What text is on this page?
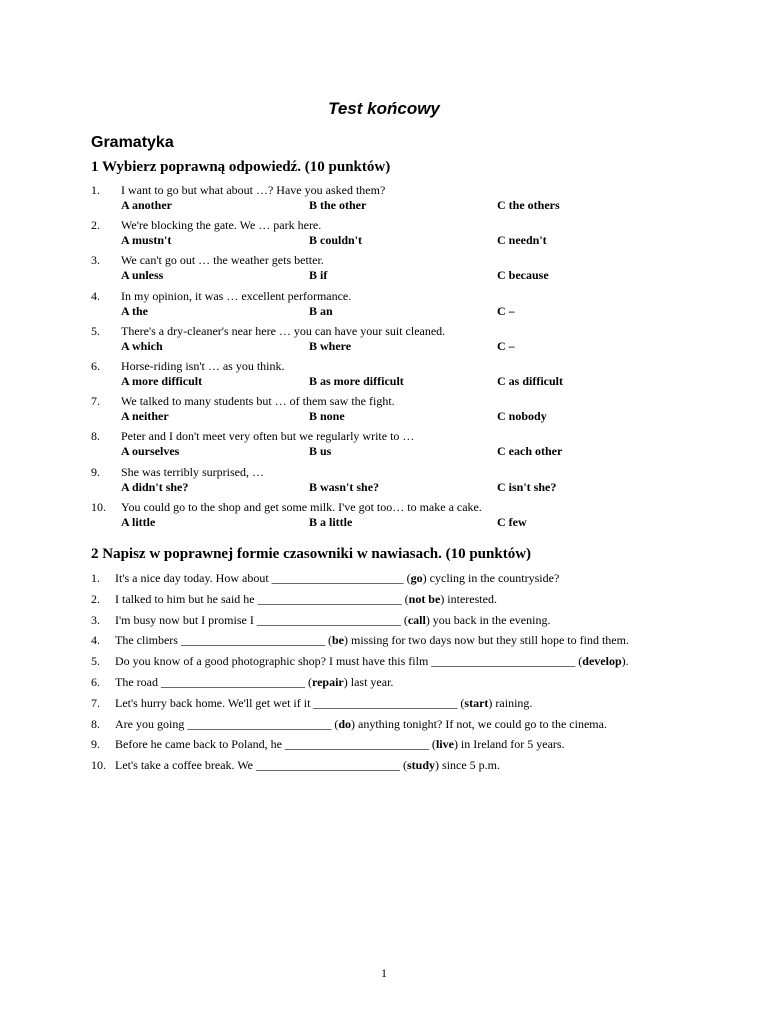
Test końcowy
Gramatyka
1 Wybierz poprawną odpowiedź. (10 punktów)
1.	I want to go but what about …? Have you asked them?
A another	B the other	C the others
2.	We're blocking the gate. We … park here.
A mustn't	B couldn't	C needn't
3.	We can't go out … the weather gets better.
A unless	B if	C because
4.	In my opinion, it was … excellent performance.
A the	B an	C –
5.	There's a dry-cleaner's near here … you can have your suit cleaned.
A which	B where	C –
6.	Horse-riding isn't … as you think.
A more difficult	B as more difficult	C as difficult
7.	We talked to many students but … of them saw the fight.
A neither	B none	C nobody
8.	Peter and I don't meet very often but we regularly write to …
A ourselves	B us	C each other
9.	She was terribly surprised, …
A didn't she?	B wasn't she?	C isn't she?
10.	You could go to the shop and get some milk. I've got too… to make a cake.
A little	B a little	C few
2 Napisz w poprawnej formie czasowniki w nawiasach. (10 punktów)
1. It's a nice day today. How about ______________________ (go) cycling in the countryside?
2. I talked to him but he said he ________________________ (not be) interested.
3. I'm busy now but I promise I ________________________ (call) you back in the evening.
4. The climbers ________________________ (be) missing for two days now but they still hope to find them.
5. Do you know of a good photographic shop? I must have this film ________________________ (develop).
6. The road ________________________ (repair) last year.
7. Let's hurry back home. We'll get wet if it ________________________ (start) raining.
8. Are you going ________________________ (do) anything tonight? If not, we could go to the cinema.
9. Before he came back to Poland, he ________________________ (live) in Ireland for 5 years.
10. Let's take a coffee break. We ________________________ (study) since 5 p.m.
1
